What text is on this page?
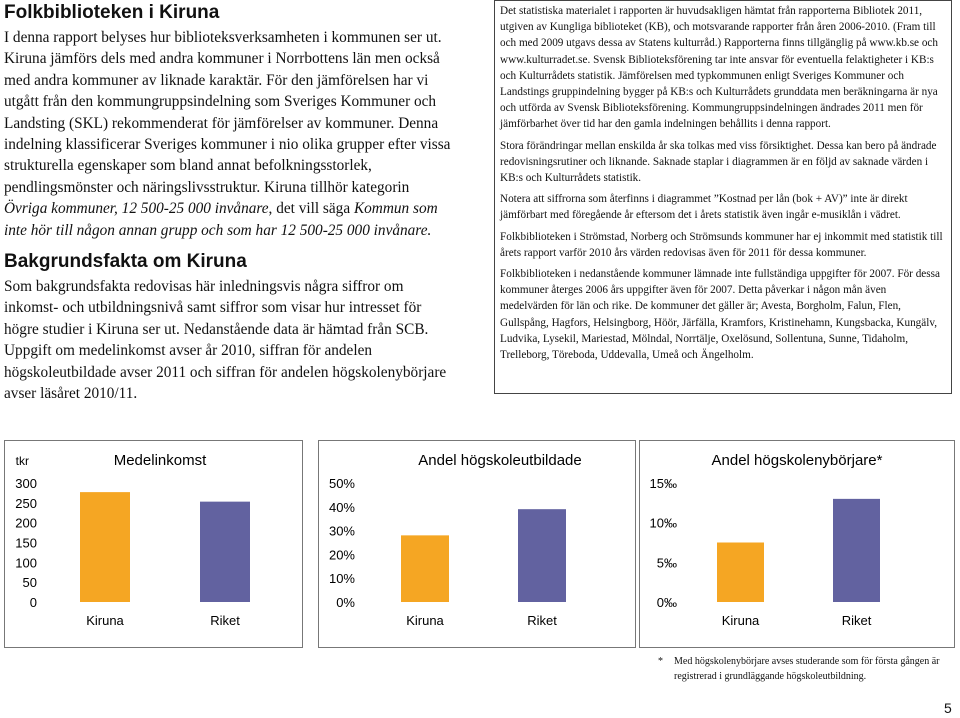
Folkbiblioteken i Kiruna

I denna rapport belyses hur biblioteksverksamheten i kommunen ser ut. Kiruna jämförs dels med andra kommuner i Norrbottens län men också med andra kommuner av liknade karaktär. För den jämförelsen har vi utgått från den kommungruppsindelning som Sveriges Kommuner och Landsting (SKL) rekommenderat för jämförelser av kommuner. Denna indelning klassificerar Sveriges kommuner i nio olika grupper efter vissa strukturella egenskaper som bland annat befolkningsstorlek, pendlingsmönster och näringslivsstruktur. Kiruna tillhör kategorin Övriga kommuner, 12 500-25 000 invånare, det vill säga Kommun som inte hör till någon annan grupp och som har 12 500-25 000 invånare.

Bakgrundsfakta om Kiruna

Som bakgrundsfakta redovisas här inledningsvis några siffror om inkomst- och utbildningsnivå samt siffror som visar hur intresset för högre studier i Kiruna ser ut. Nedanstående data är hämtad från SCB. Uppgift om medelinkomst avser år 2010, siffran för andelen högskoleutbildade avser 2011 och siffran för andelen högskolenybörjare avser läsåret 2010/11.

Det statistiska materialet i rapporten är huvudsakligen hämtat från rapporterna Bibliotek 2011, utgiven av Kungliga biblioteket (KB), och motsvarande rapporter från åren 2006-2010. (Fram till och med 2009 utgavs dessa av Statens kulturråd.) Rapporterna finns tillgänglig på www.kb.se och www.kulturradet.se. Svensk Biblioteksförening tar inte ansvar för eventuella felaktigheter i KB:s och Kulturrådets statistik. Jämförelsen med typkommunen enligt Sveriges Kommuner och Landstings gruppindelning bygger på KB:s och Kulturrådets grunddata men beräkningarna är nya och utförda av Svensk Biblioteksförening. Kommungruppsindelningen ändrades 2011 men för jämförbarhet över tid har den gamla indelningen behållits i denna rapport.

Stora förändringar mellan enskilda år ska tolkas med viss försiktighet. Dessa kan bero på ändrade redovisningsrutiner och liknande. Saknade staplar i diagrammen är en följd av saknade värden i KB:s och Kulturrådets statistik.

Notera att siffrorna som återfinns i diagrammet ”Kostnad per lån (bok + AV)” inte är direkt jämförbart med föregående år eftersom det i årets statistik även ingår e-musiklån i vädret.

Folkbiblioteken i Strömstad, Norberg och Strömsunds kommuner har ej inkommit med statistik till årets rapport varför 2010 års värden redovisas även för 2011 för dessa kommuner.

Folkbiblioteken i nedanstående kommuner lämnade inte fullständiga uppgifter för 2007. För dessa kommuner återges 2006 års uppgifter även för 2007. Detta påverkar i någon mån även medelvärden för län och rike. De kommuner det gäller är; Avesta, Borgholm, Falun, Flen, Gullspång, Hagfors, Helsingborg, Höör, Järfälla, Kramfors, Kristinehamn, Kungsbacka, Kungälv, Ludvika, Lysekil, Mariestad, Mölndal, Norrtälje, Oxelösund, Sollentuna, Sunne, Tidaholm, Trelleborg, Töreboda, Uddevalla, Umeå och Ängelholm.

Medelinkomst
tkr
300
250
200
150
100
50
0
Kiruna	Riket
Andel högskoleutbildade
50%
40%
30%
20%
10%
0%
Kiruna	Riket
Andel högskolenybörjare*
15‰
10‰
5‰
0‰
Kiruna	Riket
* Med högskolenybörjare avses studerande som för första gången är registrerad i grundläggande högskoleutbildning.
5
